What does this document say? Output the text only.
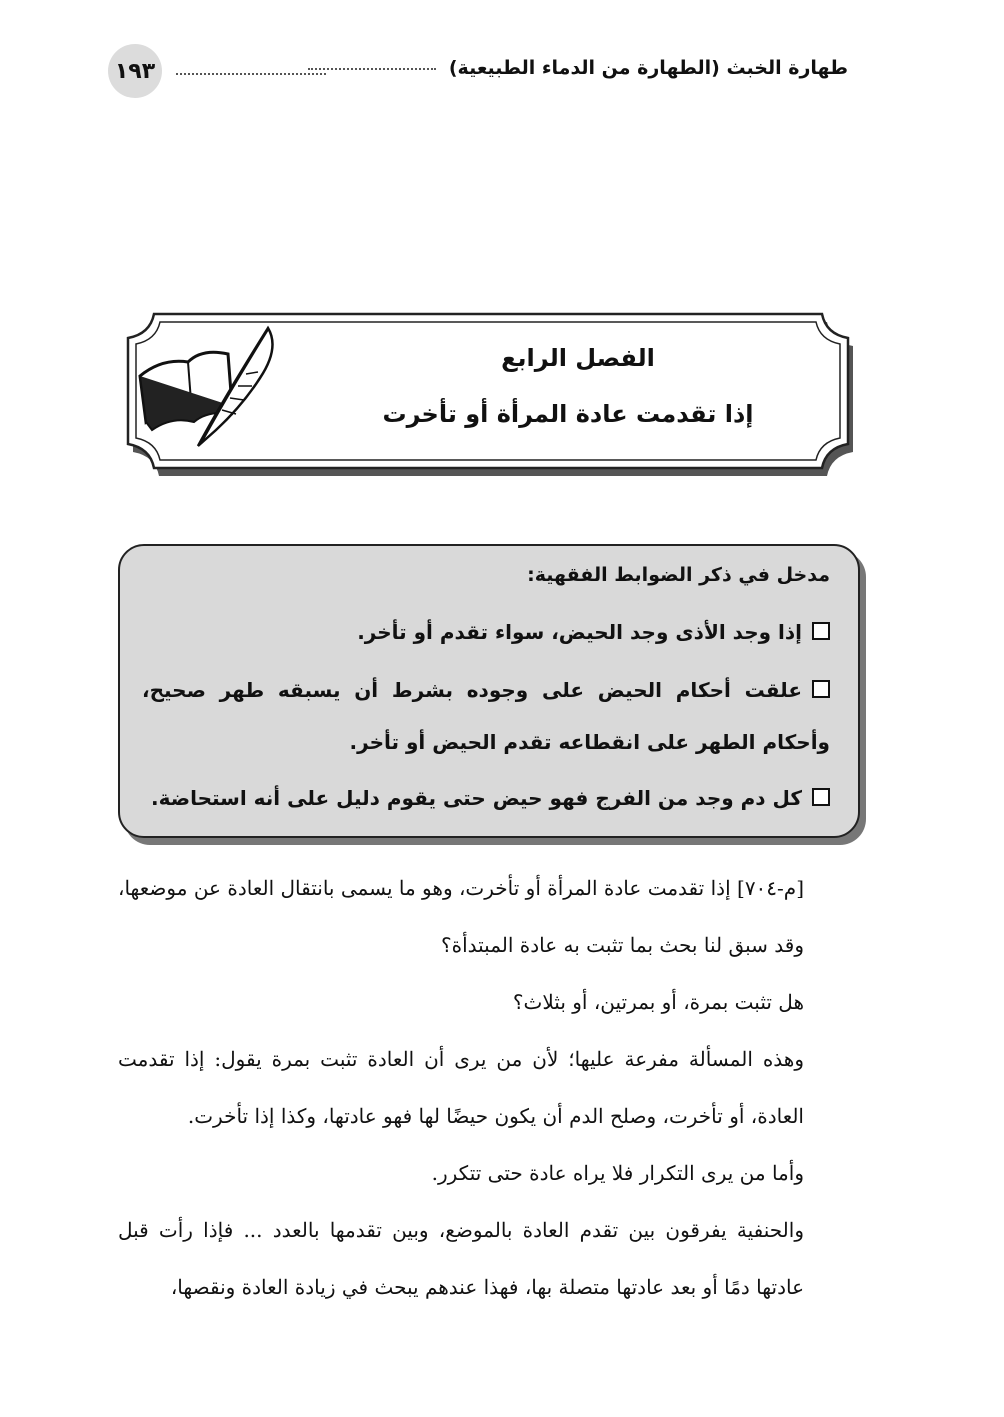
١٩٣	طهارة الخبث (الطهارة من الدماء الطبيعية)
الفصل الرابع
إذا تقدمت عادة المرأة أو تأخرت
مدخل في ذكر الضوابط الفقهية:
إذا وجد الأذى وجد الحيض، سواء تقدم أو تأخر.
علقت أحكام الحيض على وجوده بشرط أن يسبقه طهر صحيح، وأحكام الطهر على انقطاعه تقدم الحيض أو تأخر.
كل دم وجد من الفرج فهو حيض حتى يقوم دليل على أنه استحاضة.

[م-٧٠٤] إذا تقدمت عادة المرأة أو تأخرت، وهو ما يسمى بانتقال العادة عن موضعها، وقد سبق لنا بحث بما تثبت به عادة المبتدأة؟

هل تثبت بمرة، أو بمرتين، أو بثلاث؟

وهذه المسألة مفرعة عليها؛ لأن من يرى أن العادة تثبت بمرة يقول: إذا تقدمت العادة، أو تأخرت، وصلح الدم أن يكون حيضًا لها فهو عادتها، وكذا إذا تأخرت.

وأما من يرى التكرار فلا يراه عادة حتى تتكرر.

والحنفية يفرقون بين تقدم العادة بالموضع، وبين تقدمها بالعدد ... فإذا رأت قبل عادتها دمًا أو بعد عادتها متصلة بها، فهذا عندهم يبحث في زيادة العادة ونقصها،
